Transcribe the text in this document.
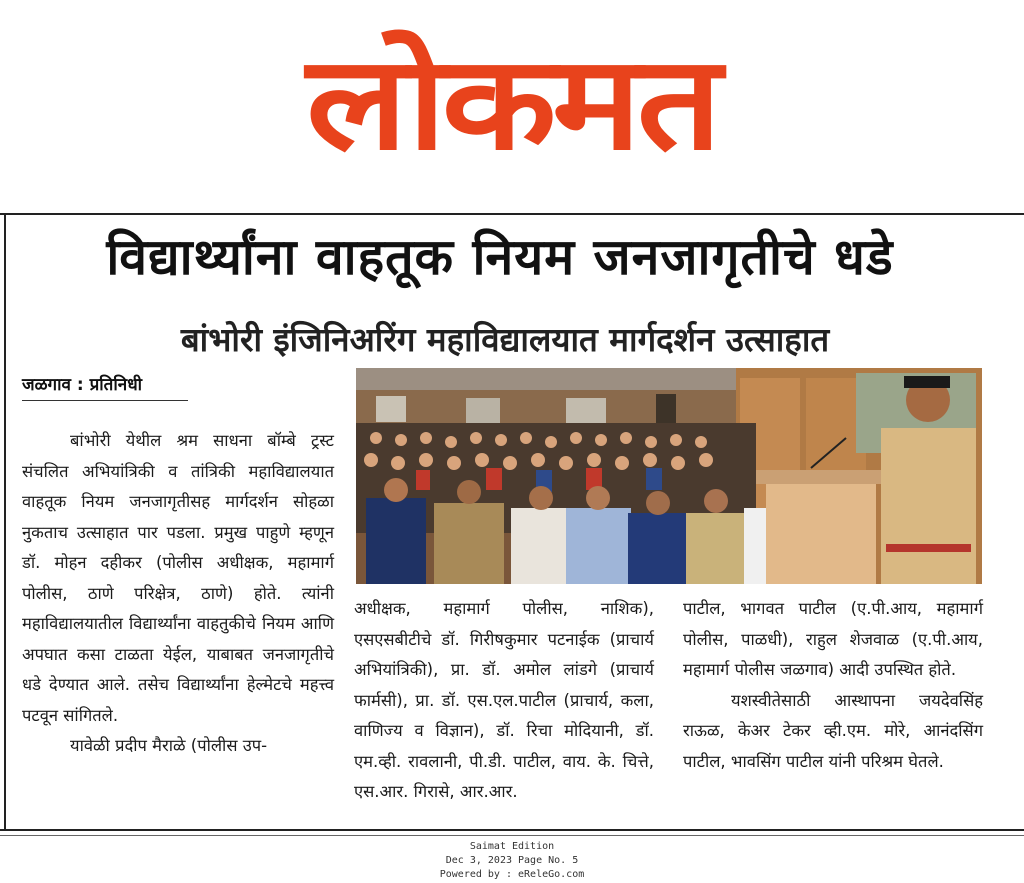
लोकमत
विद्यार्थ्यांना वाहतूक नियम जनजागृतीचे धडे
बांभोरी इंजिनिअरिंग महाविद्यालयात मार्गदर्शन उत्साहात
जळगाव : प्रतिनिधी

बांभोरी येथील श्रम साधना बॉम्बे ट्रस्ट संचलित अभियांत्रिकी व तांत्रिकी महाविद्यालयात वाहतूक नियम जनजागृतीसह मार्गदर्शन सोहळा नुकताच उत्साहात पार पडला. प्रमुख पाहुणे म्हणून डॉ. मोहन दहीकर (पोलीस अधीक्षक, महामार्ग पोलीस, ठाणे परिक्षेत्र, ठाणे) होते. त्यांनी महाविद्यालयातील विद्यार्थ्यांना वाहतुकीचे नियम आणि अपघात कसा टाळता येईल, याबाबत जनजागृतीचे धडे देण्यात आले. तसेच विद्यार्थ्यांना हेल्मेटचे महत्त्व पटवून सांगितले.

यावेळी प्रदीप मैराळे (पोलीस उप-

अधीक्षक, महामार्ग पोलीस, नाशिक), एसएसबीटीचे डॉ. गिरीषकुमार पटनाईक (प्राचार्य अभियांत्रिकी), प्रा. डॉ. अमोल लांडगे (प्राचार्य फार्मसी), प्रा. डॉ. एस.एल.पाटील (प्राचार्य, कला, वाणिज्य व विज्ञान), डॉ. रिचा मोदियानी, डॉ. एम.व्ही. रावलानी, पी.डी. पाटील, वाय. के. चित्ते, एस.आर. गिरासे, आर.आर.

पाटील, भागवत पाटील (ए.पी.आय, महामार्ग पोलीस, पाळधी), राहुल शेजवाळ (ए.पी.आय, महामार्ग पोलीस जळगाव) आदी उपस्थित होते.

यशस्वीतेसाठी आस्थापना जयदेवसिंह राऊळ, केअर टेकर व्ही.एम. मोरे, आनंदसिंग पाटील, भावसिंग पाटील यांनी परिश्रम घेतले.

Saimat Edition
Dec 3, 2023 Page No. 5
Powered by : eReleGo.com
